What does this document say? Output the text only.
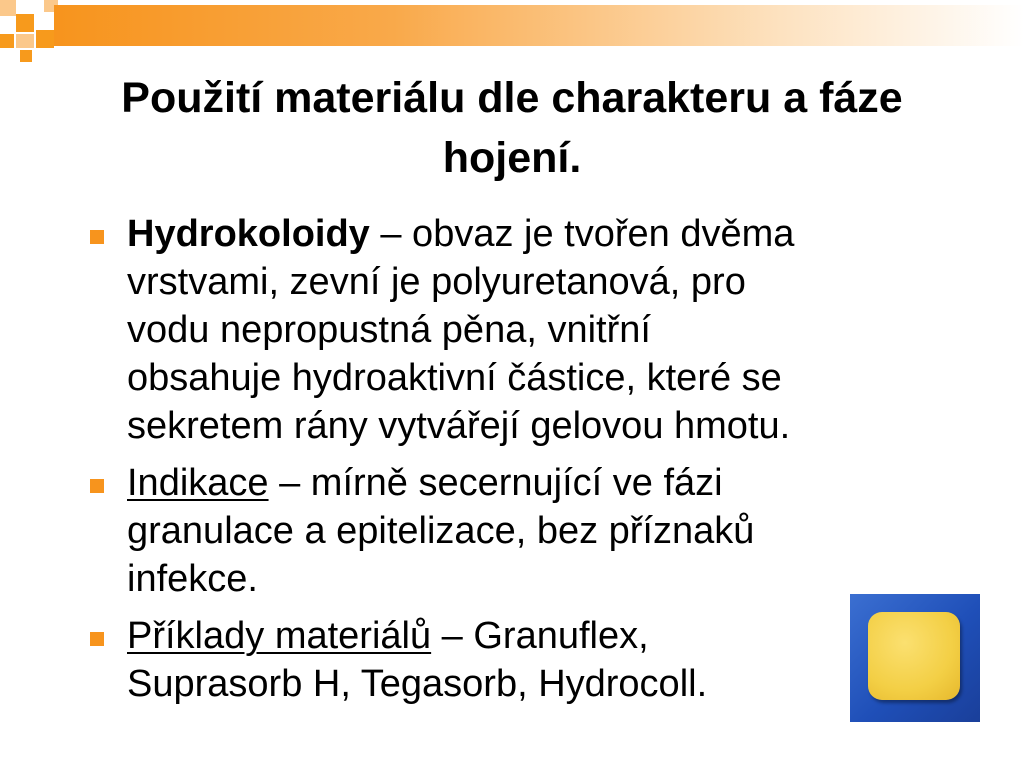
Použití materiálu dle charakteru a fáze hojení.
Hydrokoloidy – obvaz je tvořen dvěma
vrstvami, zevní je polyuretanová, pro
vodu nepropustná pěna, vnitřní
obsahuje hydroaktivní částice, které se
sekretem rány vytvářejí gelovou hmotu.
Indikace – mírně secernující ve fázi
granulace a epitelizace, bez příznaků
infekce.
Příklady materiálů – Granuflex,
Suprasorb H, Tegasorb, Hydrocoll.
